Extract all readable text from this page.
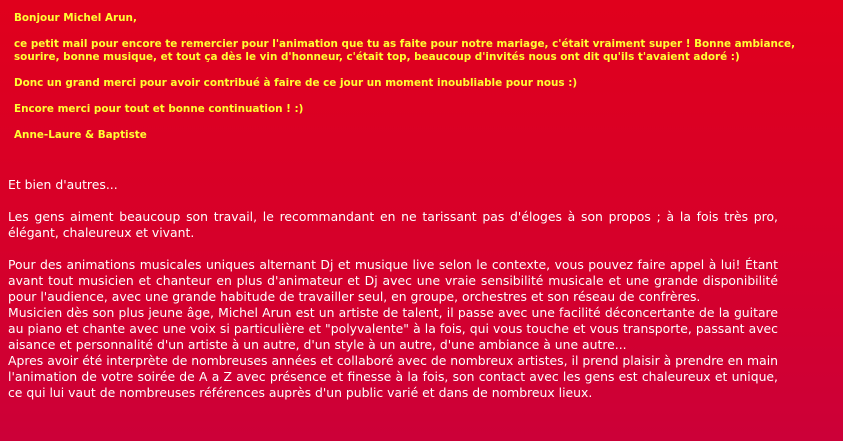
Bonjour Michel Arun,

ce petit mail pour encore te remercier pour l'animation que tu as faite pour notre mariage, c'était vraiment super ! Bonne ambiance, sourire, bonne musique, et tout ça dès le vin d'honneur, c'était top, beaucoup d'invités nous ont dit qu'ils t'avaient adoré :)

Donc un grand merci pour avoir contribué à faire de ce jour un moment inoubliable pour nous :)

Encore merci pour tout et bonne continuation ! :)

Anne-Laure & Baptiste

Et bien d'autres...

Les gens aiment beaucoup son travail, le recommandant en ne tarissant pas d'éloges à son propos ; à la fois très pro, élégant, chaleureux et vivant.

Pour des animations musicales uniques alternant Dj et musique live selon le contexte, vous pouvez faire appel à lui! Étant avant tout musicien et chanteur en plus d'animateur et Dj avec une vraie sensibilité musicale et une grande disponibilité pour l'audience, avec une grande habitude de travailler seul, en groupe, orchestres et son réseau de confrères.
Musicien dès son plus jeune âge, Michel Arun est un artiste de talent, il passe avec une facilité déconcertante de la guitare au piano et chante avec une voix si particulière et "polyvalente" à la fois, qui vous touche et vous transporte, passant avec aisance et personnalité d'un artiste à un autre, d'un style à un autre, d'une ambiance à une autre...
Apres avoir été interprète de nombreuses années et collaboré avec de nombreux artistes, il prend plaisir à prendre en main l'animation de votre soirée de A a Z avec présence et finesse à la fois, son contact avec les gens est chaleureux et unique, ce qui lui vaut de nombreuses références auprès d'un public varié et dans de nombreux lieux.
